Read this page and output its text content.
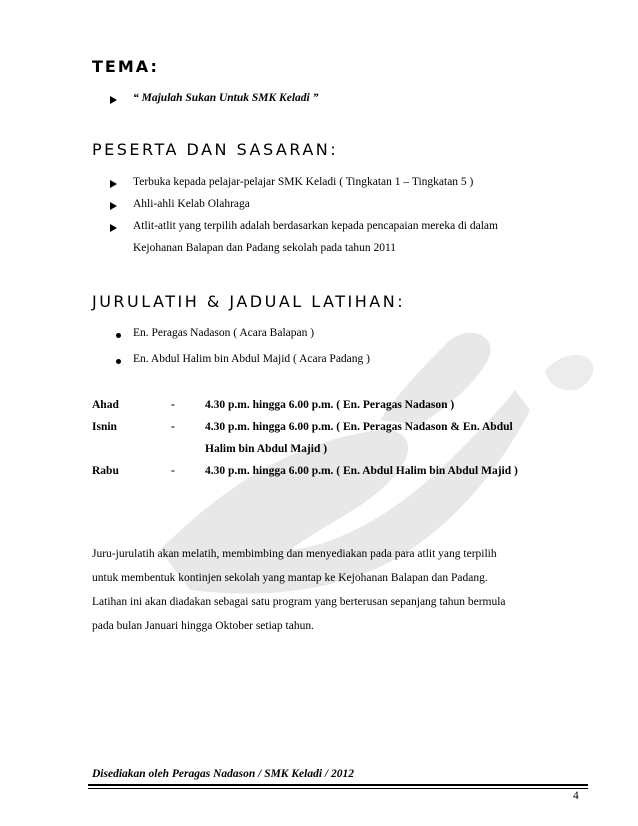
TEMA:
“ Majulah Sukan Untuk SMK Keladi ”
PESERTA DAN SASARAN:
Terbuka kepada pelajar-pelajar SMK Keladi ( Tingkatan 1 – Tingkatan 5 )
Ahli-ahli Kelab Olahraga
Atlit-atlit yang terpilih adalah berdasarkan kepada pencapaian mereka di dalam
Kejohanan Balapan dan Padang sekolah pada tahun 2011
JURULATIH & JADUAL LATIHAN:
En. Peragas Nadason ( Acara Balapan )
En. Abdul Halim bin Abdul Majid ( Acara Padang )
Ahad	-	4.30 p.m. hingga 6.00 p.m. ( En. Peragas Nadason )
Isnin	-	4.30 p.m. hingga 6.00 p.m. ( En. Peragas Nadason & En. Abdul
Halim bin Abdul Majid )
Rabu	-	4.30 p.m. hingga 6.00 p.m. ( En. Abdul Halim bin Abdul Majid )
Juru-jurulatih akan melatih, membimbing dan menyediakan pada para atlit yang terpilih
untuk membentuk kontinjen sekolah yang mantap ke Kejohanan Balapan dan Padang.
Latihan ini akan diadakan sebagai satu program yang berterusan sepanjang tahun bermula
pada bulan Januari hingga Oktober setiap tahun.
Disediakan oleh Peragas Nadason / SMK Keladi / 2012
4
